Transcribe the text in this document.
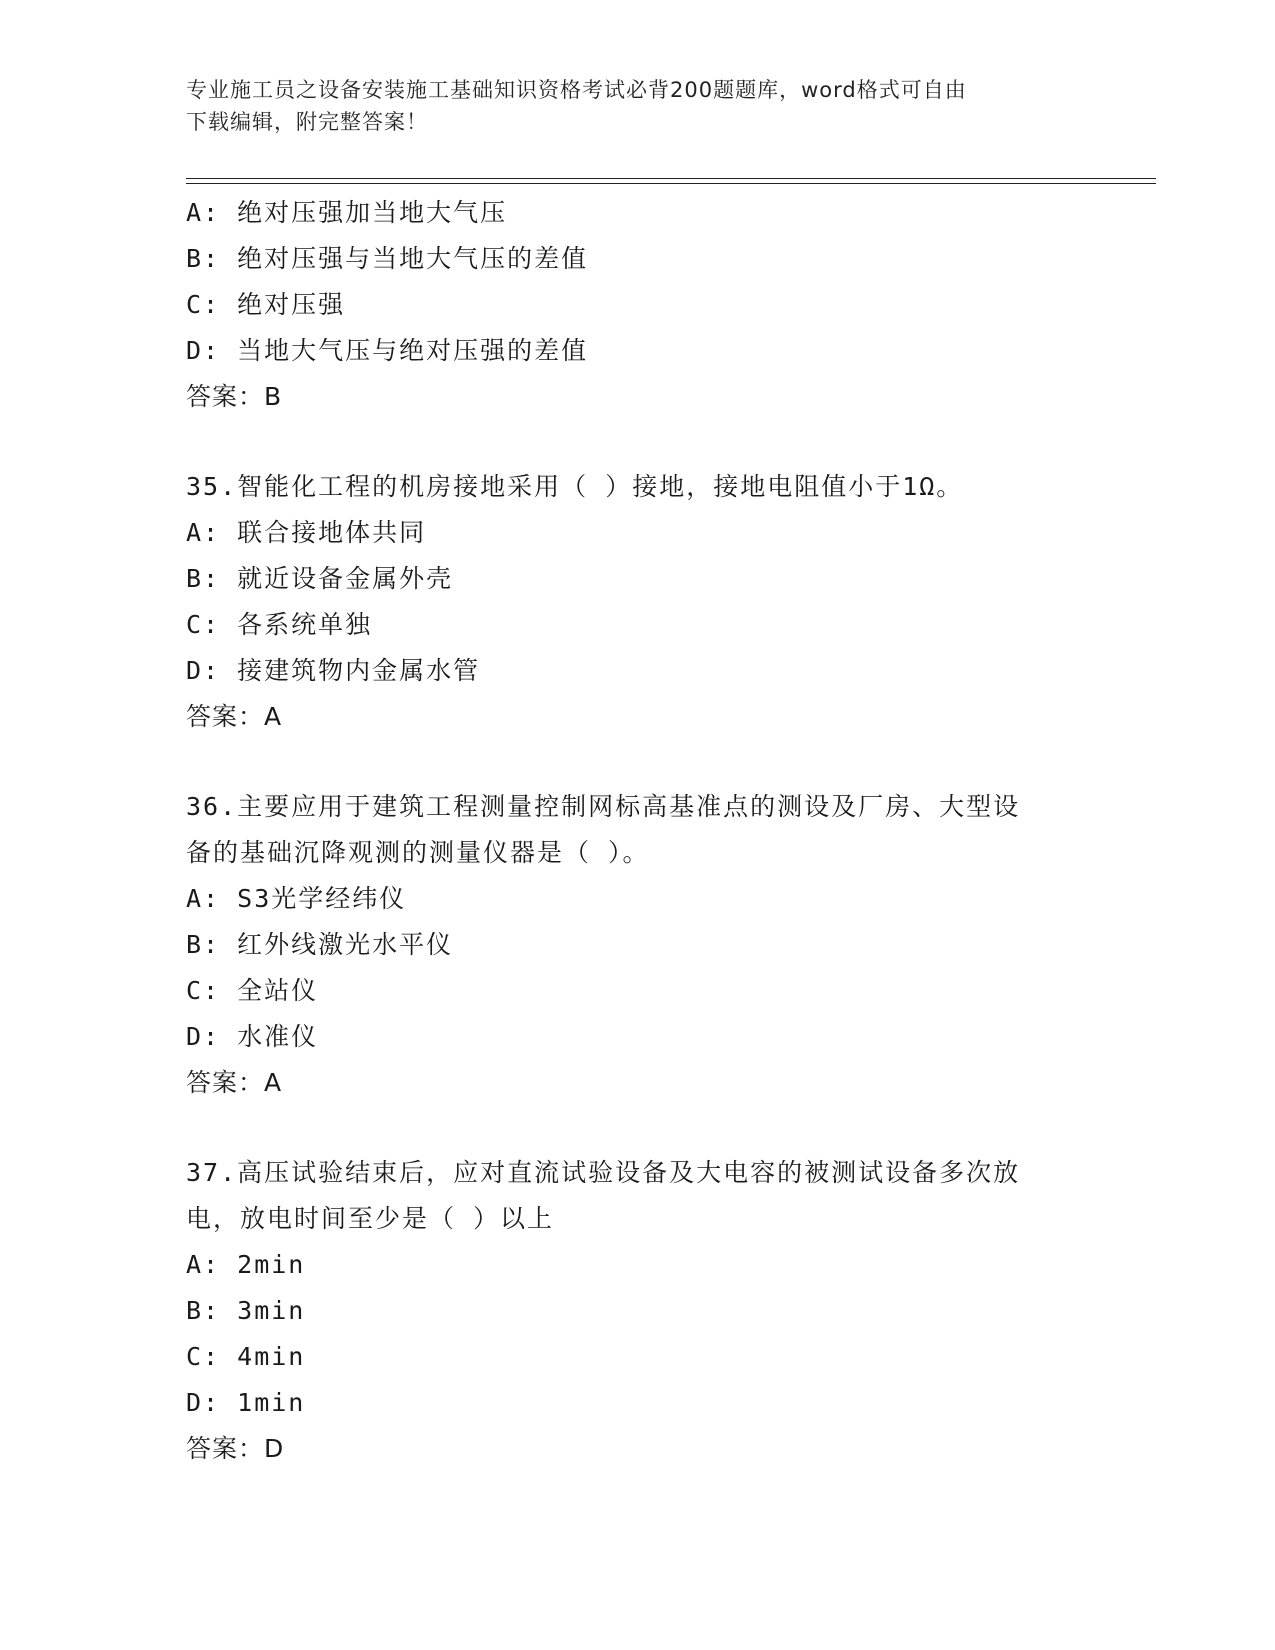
专业施工员之设备安装施工基础知识资格考试必背200题题库，word格式可自由
下载编辑，附完整答案！
A: 绝对压强加当地大气压
B: 绝对压强与当地大气压的差值
C: 绝对压强
D: 当地大气压与绝对压强的差值
答案：B
35.智能化工程的机房接地采用（ ）接地，接地电阻值小于1Ω。
A: 联合接地体共同
B: 就近设备金属外壳
C: 各系统单独
D: 接建筑物内金属水管
答案：A
36.主要应用于建筑工程测量控制网标高基准点的测设及厂房、大型设
备的基础沉降观测的测量仪器是（ ）。
A: S3光学经纬仪
B: 红外线激光水平仪
C: 全站仪
D: 水准仪
答案：A
37.高压试验结束后，应对直流试验设备及大电容的被测试设备多次放
电，放电时间至少是（ ）以上
A: 2min
B: 3min
C: 4min
D: 1min
答案：D
